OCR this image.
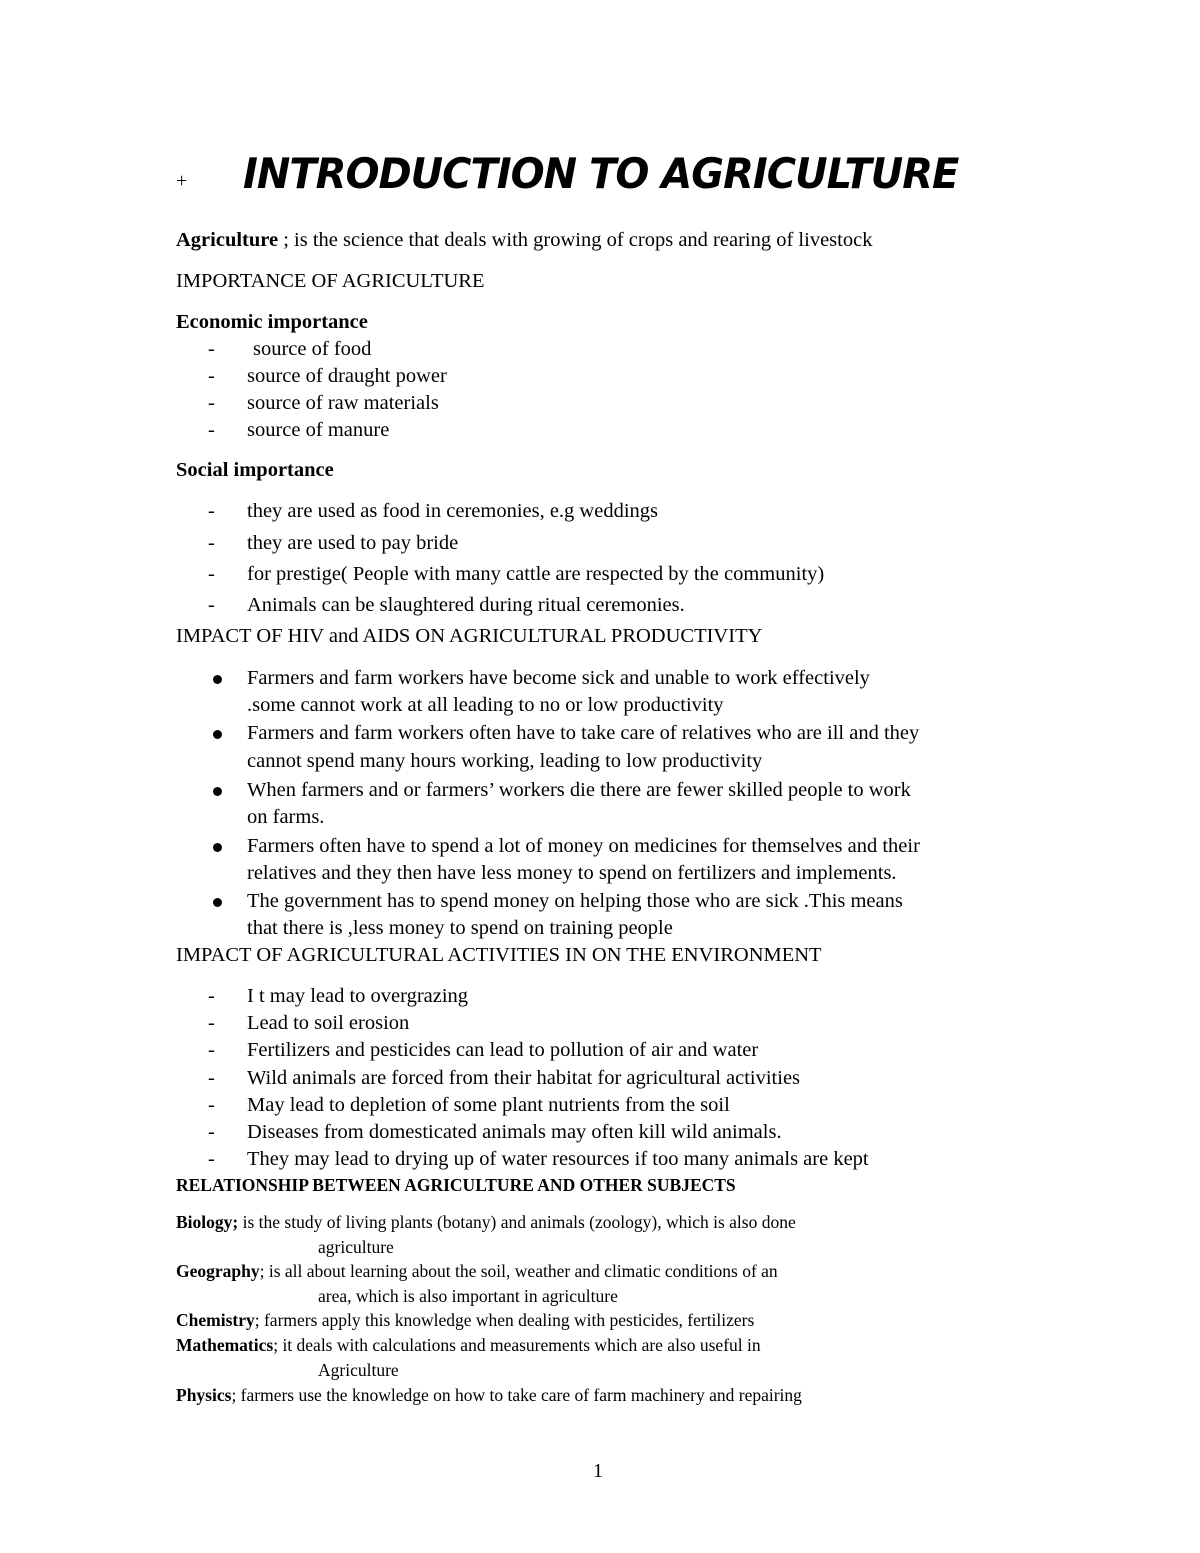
+ INTRODUCTION TO AGRICULTURE
Agriculture ; is the science that deals with growing of crops and rearing of livestock
IMPORTANCE OF AGRICULTURE
Economic importance
- source of food
- source of draught power
- source of raw materials
- source of manure
Social importance
- they are used as food in ceremonies, e.g weddings
- they are used to pay bride
- for prestige( People with many cattle are respected by the community)
- Animals can be slaughtered during ritual ceremonies.
IMPACT OF HIV and AIDS ON AGRICULTURAL PRODUCTIVITY
Farmers and farm workers have become sick and unable to work effectively
.some cannot work at all leading to no or low productivity
Farmers and farm workers often have to take care of relatives who are ill and they
cannot spend many hours working, leading to low productivity
When farmers and or farmers’ workers die there are fewer skilled people to work
on farms.
Farmers often have to spend a lot of money on medicines for themselves and their
relatives and they then have less money to spend on fertilizers and implements.
The government has to spend money on helping those who are sick .This means
that there is ,less money to spend on training people
IMPACT OF AGRICULTURAL ACTIVITIES IN ON THE ENVIRONMENT
- I t may lead to overgrazing
- Lead to soil erosion
- Fertilizers and pesticides can lead to pollution of air and water
- Wild animals are forced from their habitat for agricultural activities
- May lead to depletion of some plant nutrients from the soil
- Diseases from domesticated animals may often kill wild animals.
- They may lead to drying up of water resources if too many animals are kept
RELATIONSHIP BETWEEN AGRICULTURE AND OTHER SUBJECTS
Biology; is the study of living plants (botany) and animals (zoology), which is also done
agriculture
Geography; is all about learning about the soil, weather and climatic conditions of an
area, which is also important in agriculture
Chemistry; farmers apply this knowledge when dealing with pesticides, fertilizers
Mathematics; it deals with calculations and measurements which are also useful in
Agriculture
Physics; farmers use the knowledge on how to take care of farm machinery and repairing
1
